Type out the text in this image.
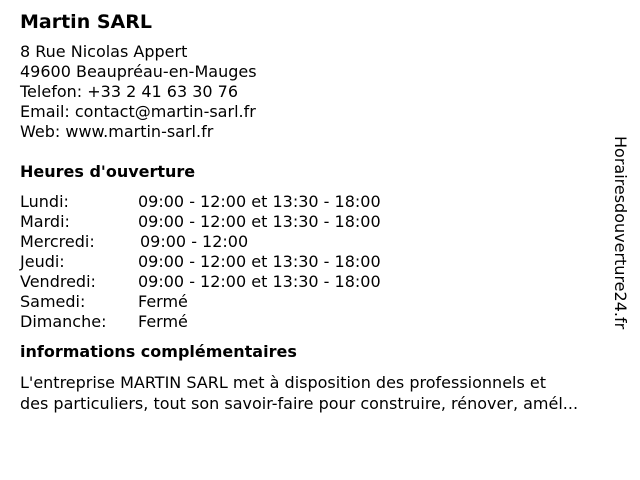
Martin SARL
8 Rue Nicolas Appert
49600 Beaupréau-en-Mauges
Telefon: +33 2 41 63 30 76
Email: contact@martin-sarl.fr
Web: www.martin-sarl.fr
Heures d'ouverture
Lundi:	09:00 - 12:00 et 13:30 - 18:00
Mardi:	09:00 - 12:00 et 13:30 - 18:00
Mercredi:	09:00 - 12:00
Jeudi:	09:00 - 12:00 et 13:30 - 18:00
Vendredi:	09:00 - 12:00 et 13:30 - 18:00
Samedi:	Fermé
Dimanche:	Fermé
informations complémentaires
L'entreprise MARTIN SARL met à disposition des professionnels et
des particuliers, tout son savoir-faire pour construire, rénover, amél...
Horairesdouverture24.fr
